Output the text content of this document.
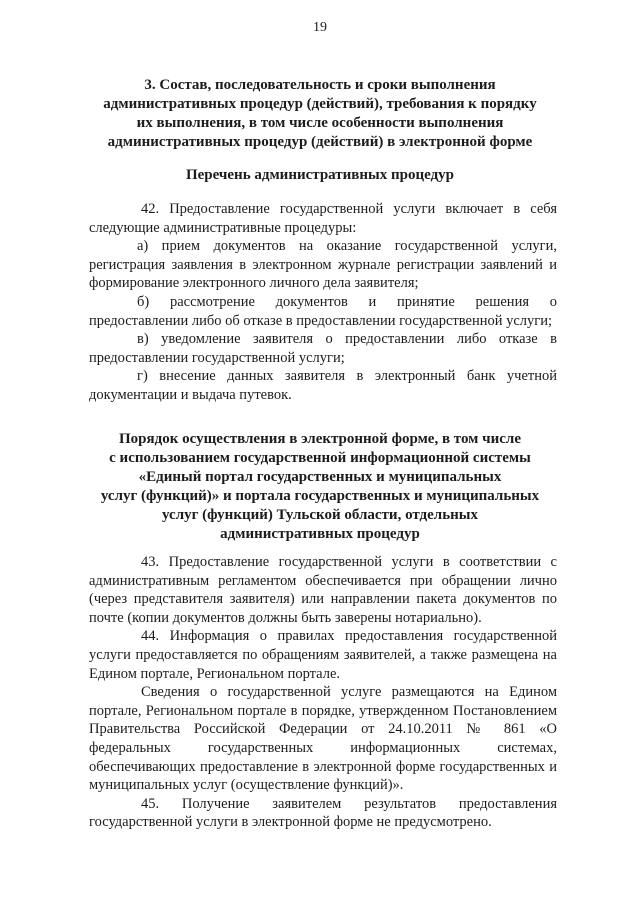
19
3. Состав, последовательность и сроки выполнения
административных процедур (действий), требования к порядку
их выполнения, в том числе особенности выполнения
административных процедур (действий) в электронной форме
Перечень административных процедур

42. Предоставление государственной услуги включает в себя следующие административные процедуры:

а) прием документов на оказание государственной услуги, регистрация заявления в электронном журнале регистрации заявлений и формирование электронного личного дела заявителя;

б) рассмотрение документов и принятие решения о предоставлении либо об отказе в предоставлении государственной услуги;

в) уведомление заявителя о предоставлении либо отказе в предоставлении государственной услуги;

г) внесение данных заявителя в электронный банк учетной документации и выдача путевок.

Порядок осуществления в электронной форме, в том числе
с использованием государственной информационной системы
«Единый портал государственных и муниципальных
услуг (функций)» и портала государственных и муниципальных
услуг (функций) Тульской области, отдельных
административных процедур

43. Предоставление государственной услуги в соответствии с административным регламентом обеспечивается при обращении лично (через представителя заявителя) или направлении пакета документов по почте (копии документов должны быть заверены нотариально).

44. Информация о правилах предоставления государственной услуги предоставляется по обращениям заявителей, а также размещена на Едином портале, Региональном портале.

Сведения о государственной услуге размещаются на Едином портале, Региональном портале в порядке, утвержденном Постановлением Правительства Российской Федерации от 24.10.2011 № 861 «О федеральных государственных информационных системах, обеспечивающих предоставление в электронной форме государственных и муниципальных услуг (осуществление функций)».

45. Получение заявителем результатов предоставления государственной услуги в электронной форме не предусмотрено.
